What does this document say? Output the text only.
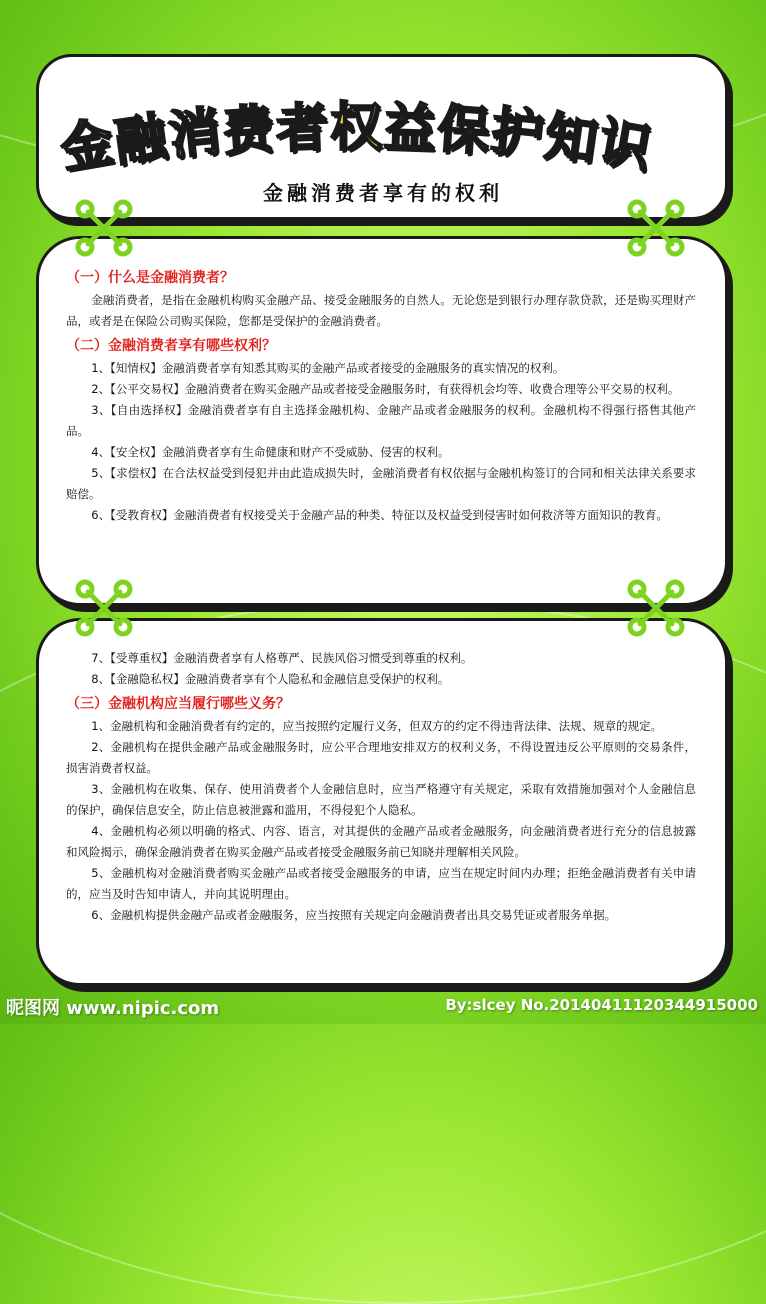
金
融
消
费
者
权
益
保
护
知
识
金融消费者享有的权利
（一）什么是金融消费者？

金融消费者，是指在金融机构购买金融产品、接受金融服务的自然人。无论您是到银行办理存款贷款，还是购买理财产品，或者是在保险公司购买保险，您都是受保护的金融消费者。

（二）金融消费者享有哪些权利？

1、【知情权】金融消费者享有知悉其购买的金融产品或者接受的金融服务的真实情况的权利。

2、【公平交易权】金融消费者在购买金融产品或者接受金融服务时，有获得机会均等、收费合理等公平交易的权利。

3、【自由选择权】金融消费者享有自主选择金融机构、金融产品或者金融服务的权利。金融机构不得强行搭售其他产品。

4、【安全权】金融消费者享有生命健康和财产不受威胁、侵害的权利。

5、【求偿权】在合法权益受到侵犯并由此造成损失时，金融消费者有权依据与金融机构签订的合同和相关法律关系要求赔偿。

6、【受教育权】金融消费者有权接受关于金融产品的种类、特征以及权益受到侵害时如何救济等方面知识的教育。

7、【受尊重权】金融消费者享有人格尊严、民族风俗习惯受到尊重的权利。

8、【金融隐私权】金融消费者享有个人隐私和金融信息受保护的权利。

（三）金融机构应当履行哪些义务？

1、金融机构和金融消费者有约定的，应当按照约定履行义务，但双方的约定不得违背法律、法规、规章的规定。

2、金融机构在提供金融产品或金融服务时，应公平合理地安排双方的权利义务，不得设置违反公平原则的交易条件，损害消费者权益。

3、金融机构在收集、保存、使用消费者个人金融信息时，应当严格遵守有关规定，采取有效措施加强对个人金融信息的保护，确保信息安全，防止信息被泄露和滥用，不得侵犯个人隐私。

4、金融机构必须以明确的格式、内容、语言，对其提供的金融产品或者金融服务，向金融消费者进行充分的信息披露和风险揭示，确保金融消费者在购买金融产品或者接受金融服务前已知晓并理解相关风险。

5、金融机构对金融消费者购买金融产品或者接受金融服务的申请，应当在规定时间内办理；拒绝金融消费者有关申请的，应当及时告知申请人，并向其说明理由。

6、金融机构提供金融产品或者金融服务，应当按照有关规定向金融消费者出具交易凭证或者服务单据。

昵图网 www.nipic.com	By:slcey No.20140411120344915000
